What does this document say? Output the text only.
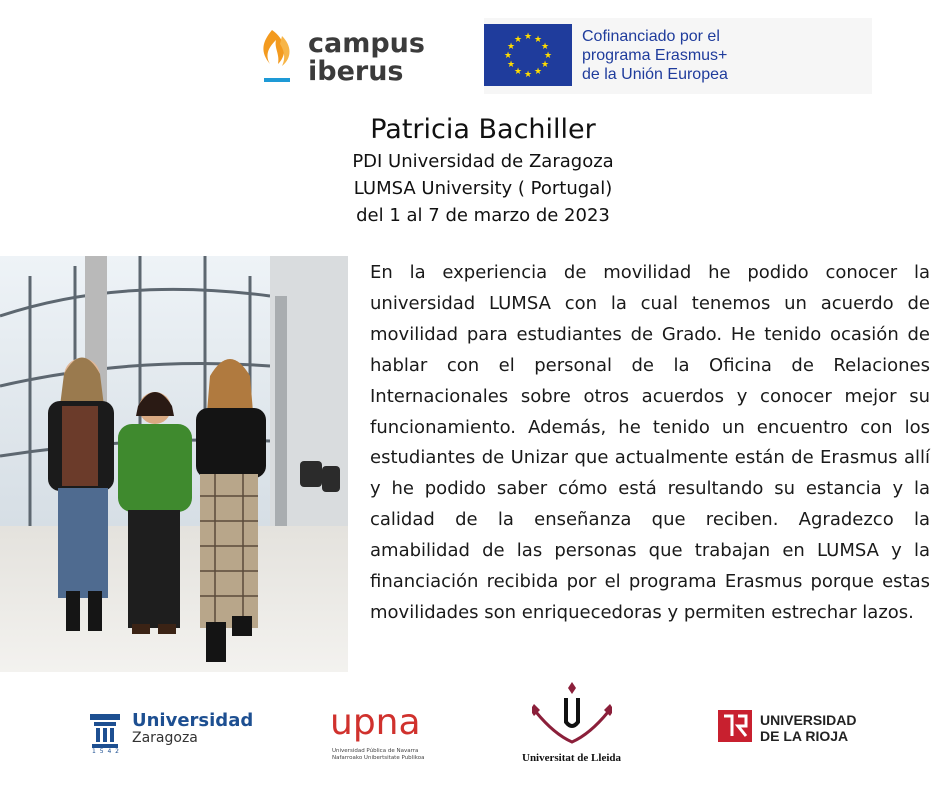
campus
iberus
★ ★
★
★
★
★
★
★
★
★
★
★	Cofinanciado por el
programa Erasmus+
de la Unión Europea
Patricia Bachiller
PDI Universidad de Zaragoza
LUMSA University ( Portugal)
del 1 al 7 de marzo de 2023
En la experiencia de movilidad he podido conocer la universidad LUMSA con la cual tenemos un acuerdo de movilidad para estudiantes de Grado. He tenido ocasión de hablar con el personal de la Oficina de Relaciones Internacionales sobre otros acuerdos y conocer mejor su funcionamiento. Además, he tenido un encuentro con los estudiantes de Unizar que actualmente están de Erasmus allí y he podido saber cómo está resultando su estancia y la calidad de la enseñanza que reciben. Agradezco la amabilidad de las personas que trabajan en LUMSA y la financiación recibida por el programa Erasmus porque estas movilidades son enriquecedoras y permiten estrechar lazos.
1 5 4 2
Universidad
Zaragoza	upna
Universidad Pública de Navarra
Nafarroako Unibertsitate Publikoa	Universitat de Lleida
UNIVERSIDAD
DE LA RIOJA
